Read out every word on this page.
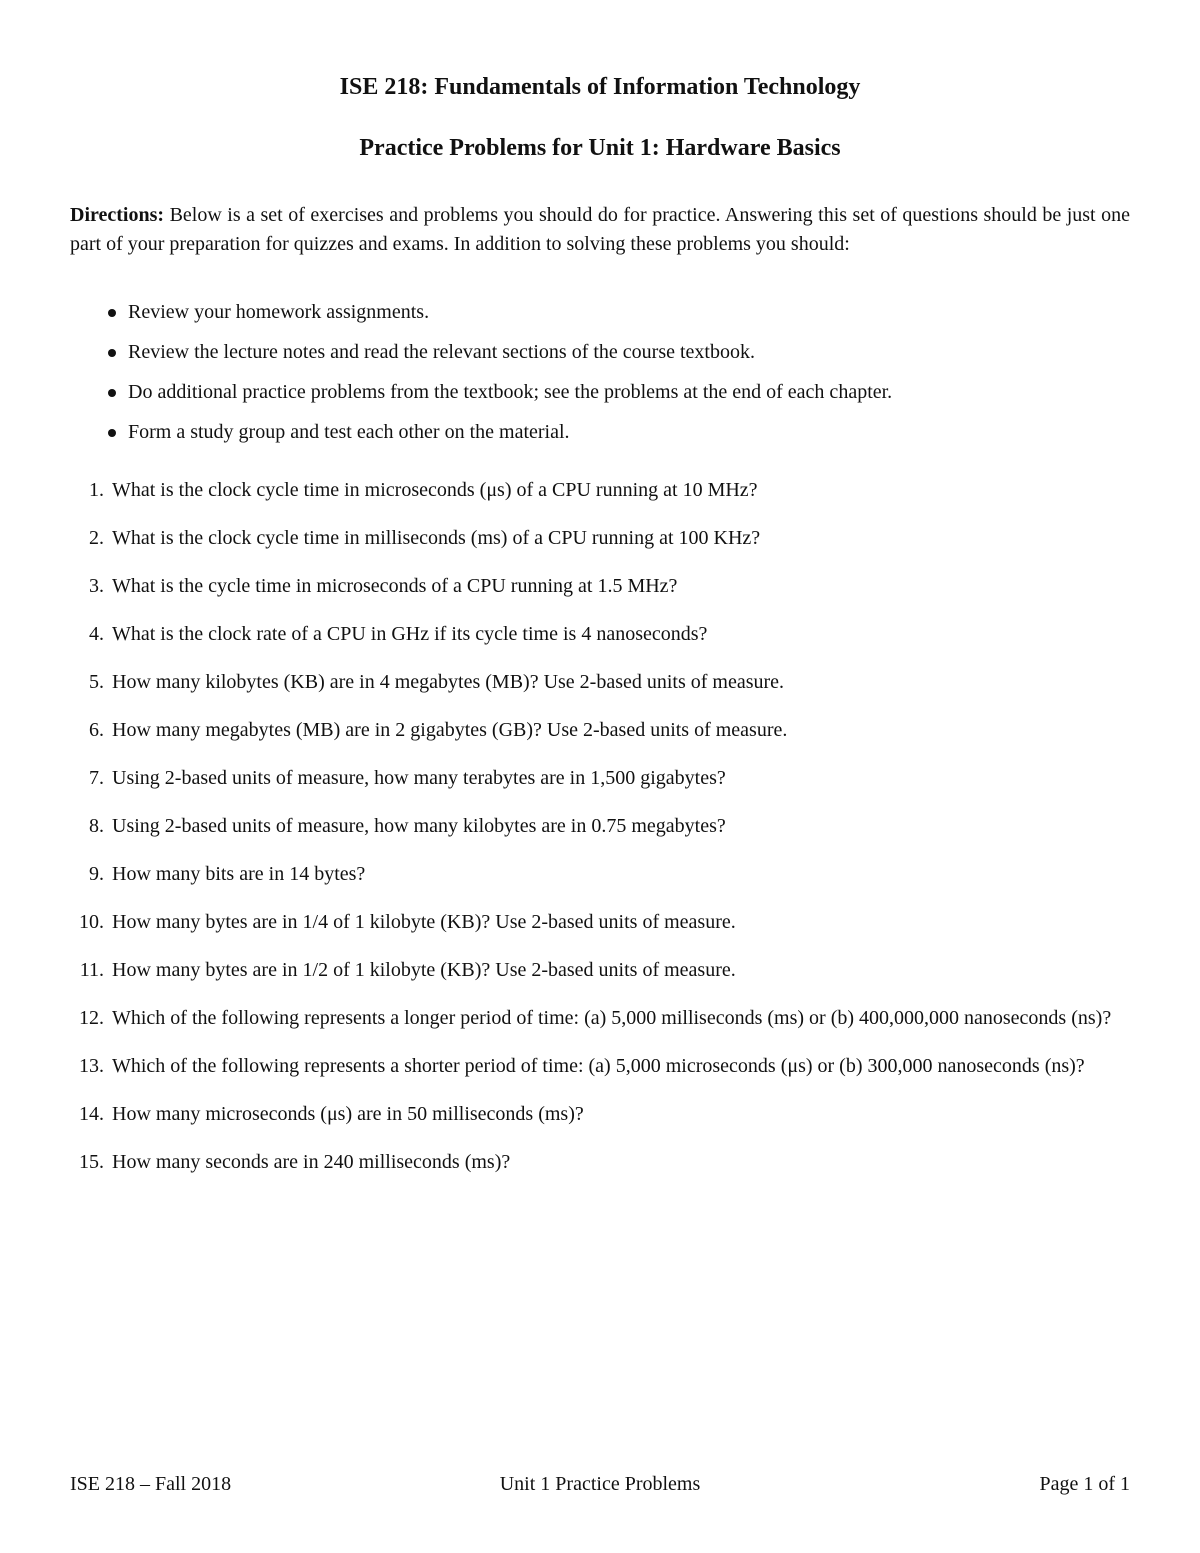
ISE 218: Fundamentals of Information Technology
Practice Problems for Unit 1: Hardware Basics

Directions: Below is a set of exercises and problems you should do for practice. Answering this set of questions should be just one part of your preparation for quizzes and exams. In addition to solving these problems you should:

Review your homework assignments.
Review the lecture notes and read the relevant sections of the course textbook.
Do additional practice problems from the textbook; see the problems at the end of each chapter.
Form a study group and test each other on the material.
1. What is the clock cycle time in microseconds (μs) of a CPU running at 10 MHz?
2. What is the clock cycle time in milliseconds (ms) of a CPU running at 100 KHz?
3. What is the cycle time in microseconds of a CPU running at 1.5 MHz?
4. What is the clock rate of a CPU in GHz if its cycle time is 4 nanoseconds?
5. How many kilobytes (KB) are in 4 megabytes (MB)? Use 2-based units of measure.
6. How many megabytes (MB) are in 2 gigabytes (GB)? Use 2-based units of measure.
7. Using 2-based units of measure, how many terabytes are in 1,500 gigabytes?
8. Using 2-based units of measure, how many kilobytes are in 0.75 megabytes?
9. How many bits are in 14 bytes?
10. How many bytes are in 1/4 of 1 kilobyte (KB)? Use 2-based units of measure.
11. How many bytes are in 1/2 of 1 kilobyte (KB)? Use 2-based units of measure.
12. Which of the following represents a longer period of time: (a) 5,000 milliseconds (ms) or (b) 400,000,000 nanoseconds (ns)?
13. Which of the following represents a shorter period of time: (a) 5,000 microseconds (μs) or (b) 300,000 nanoseconds (ns)?
14. How many microseconds (μs) are in 50 milliseconds (ms)?
15. How many seconds are in 240 milliseconds (ms)?
ISE 218 – Fall 2018	Unit 1 Practice Problems	Page 1 of 1
